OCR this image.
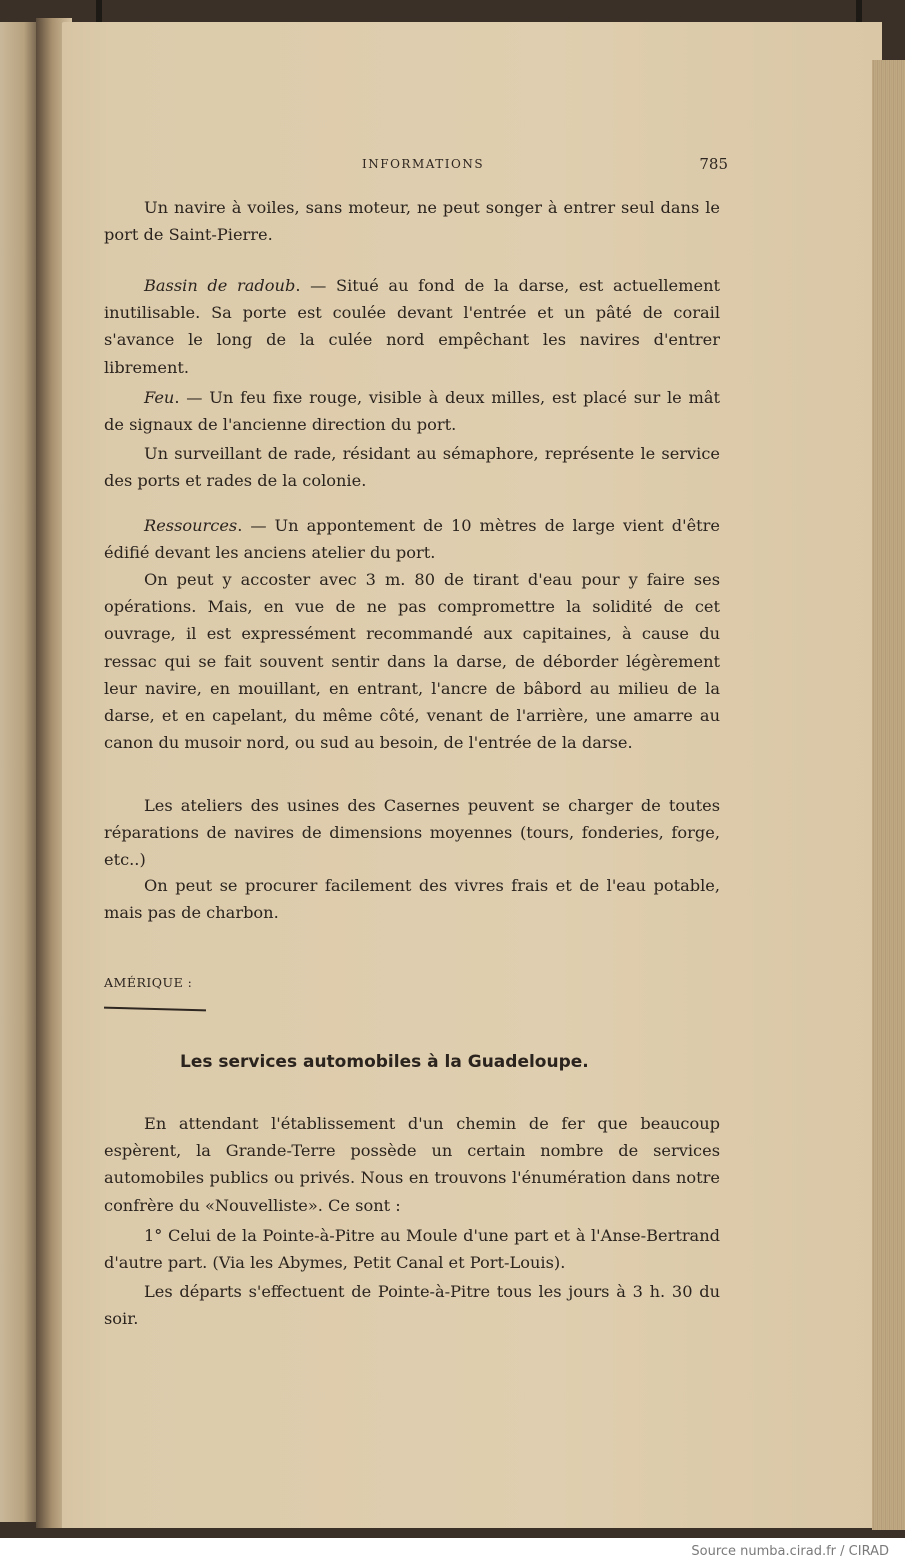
INFORMATIONS	785

Un navire à voiles, sans moteur, ne peut songer à entrer seul dans le port de Saint-Pierre.

Bassin de radoub. — Situé au fond de la darse, est actuellement inutilisable. Sa porte est coulée devant l'entrée et un pâté de corail s'avance le long de la culée nord empêchant les navires d'entrer librement.

Feu. — Un feu fixe rouge, visible à deux milles, est placé sur le mât de signaux de l'ancienne direction du port.

Un surveillant de rade, résidant au sémaphore, représente le service des ports et rades de la colonie.

Ressources. — Un appontement de 10 mètres de large vient d'être édifié devant les anciens atelier du port.

On peut y accoster avec 3 m. 80 de tirant d'eau pour y faire ses opérations. Mais, en vue de ne pas compromettre la solidité de cet ouvrage, il est expressément recommandé aux capitaines, à cause du ressac qui se fait souvent sentir dans la darse, de déborder légèrement leur navire, en mouillant, en entrant, l'ancre de bâbord au milieu de la darse, et en capelant, du même côté, venant de l'arrière, une amarre au canon du musoir nord, ou sud au besoin, de l'entrée de la darse.

Les ateliers des usines des Casernes peuvent se charger de toutes réparations de navires de dimensions moyennes (tours, fonderies, forge, etc..)

On peut se procurer facilement des vivres frais et de l'eau potable, mais pas de charbon.

AMÉRIQUE :
Les services automobiles à la Guadeloupe.

En attendant l'établissement d'un chemin de fer que beaucoup espèrent, la Grande-Terre possède un certain nombre de services automobiles publics ou privés. Nous en trouvons l'énumération dans notre confrère du «Nouvelliste». Ce sont :

1° Celui de la Pointe-à-Pitre au Moule d'une part et à l'Anse-Bertrand d'autre part. (Via les Abymes, Petit Canal et Port-Louis).

Les départs s'effectuent de Pointe-à-Pitre tous les jours à 3 h. 30 du soir.

Source numba.cirad.fr / CIRAD
